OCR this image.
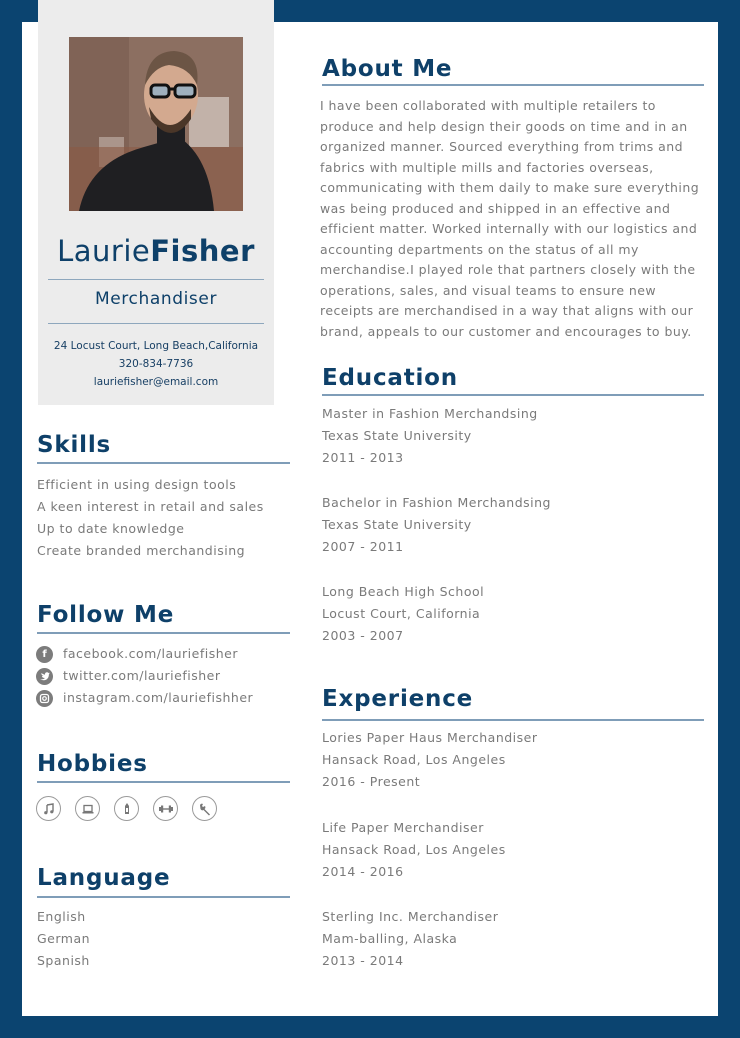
LaurieFisher
Merchandiser
24 Locust Court, Long Beach,California
320-834-7736
lauriefisher@email.com
Skills
Efficient in using design tools
A keen interest in retail and sales
Up to date knowledge
Create branded merchandising
Follow Me
f	facebook.com/lauriefisher
twitter.com/lauriefisher
instagram.com/lauriefishher
Hobbies
Language
English
German
Spanish
About Me

I have been collaborated with multiple retailers to produce and help design their goods on time and in an organized manner. Sourced everything from trims and fabrics with multiple mills and factories overseas, communicating with them daily to make sure everything was being produced and shipped in an effective and efficient matter. Worked internally with our logistics and accounting departments on the status of all my merchandise.I played role that partners closely with the operations, sales, and visual teams to ensure new receipts are merchandised in a way that aligns with our brand, appeals to our customer and encourages to buy.

Education
Master in Fashion Merchandsing
Texas State University
2011 - 2013
Bachelor in Fashion Merchandsing
Texas State University
2007 - 2011
Long Beach High School
Locust Court, California
2003 - 2007
Experience
Lories Paper Haus Merchandiser
Hansack Road, Los Angeles
2016 - Present
Life Paper Merchandiser
Hansack Road, Los Angeles
2014 - 2016
Sterling Inc. Merchandiser
Mam-balling, Alaska
2013 - 2014
